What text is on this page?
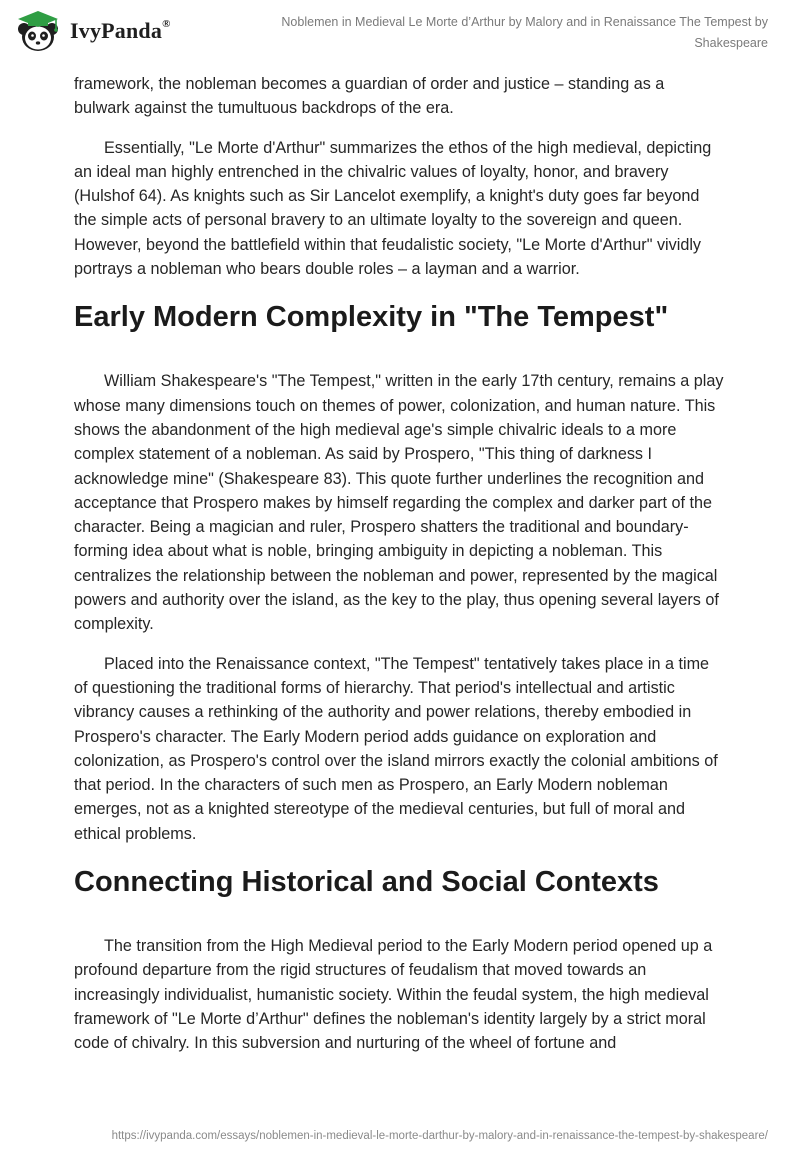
IvyPanda®	Noblemen in Medieval Le Morte d’Arthur by Malory and in Renaissance The Tempest by Shakespeare

framework, the nobleman becomes a guardian of order and justice – standing as a bulwark against the tumultuous backdrops of the era.

Essentially, "Le Morte d'Arthur" summarizes the ethos of the high medieval, depicting an ideal man highly entrenched in the chivalric values of loyalty, honor, and bravery (Hulshof 64). As knights such as Sir Lancelot exemplify, a knight's duty goes far beyond the simple acts of personal bravery to an ultimate loyalty to the sovereign and queen. However, beyond the battlefield within that feudalistic society, "Le Morte d'Arthur" vividly portrays a nobleman who bears double roles – a layman and a warrior.

Early Modern Complexity in "The Tempest"

William Shakespeare's "The Tempest," written in the early 17th century, remains a play whose many dimensions touch on themes of power, colonization, and human nature. This shows the abandonment of the high medieval age's simple chivalric ideals to a more complex statement of a nobleman. As said by Prospero, "This thing of darkness I acknowledge mine" (Shakespeare 83). This quote further underlines the recognition and acceptance that Prospero makes by himself regarding the complex and darker part of the character. Being a magician and ruler, Prospero shatters the traditional and boundary-forming idea about what is noble, bringing ambiguity in depicting a nobleman. This centralizes the relationship between the nobleman and power, represented by the magical powers and authority over the island, as the key to the play, thus opening several layers of complexity.

Placed into the Renaissance context, "The Tempest" tentatively takes place in a time of questioning the traditional forms of hierarchy. That period's intellectual and artistic vibrancy causes a rethinking of the authority and power relations, thereby embodied in Prospero's character. The Early Modern period adds guidance on exploration and colonization, as Prospero's control over the island mirrors exactly the colonial ambitions of that period. In the characters of such men as Prospero, an Early Modern nobleman emerges, not as a knighted stereotype of the medieval centuries, but full of moral and ethical problems.

Connecting Historical and Social Contexts

The transition from the High Medieval period to the Early Modern period opened up a profound departure from the rigid structures of feudalism that moved towards an increasingly individualist, humanistic society. Within the feudal system, the high medieval framework of "Le Morte d’Arthur" defines the nobleman's identity largely by a strict moral code of chivalry. In this subversion and nurturing of the wheel of fortune and

https://ivypanda.com/essays/noblemen-in-medieval-le-morte-darthur-by-malory-and-in-renaissance-the-tempest-by-shakespeare/
